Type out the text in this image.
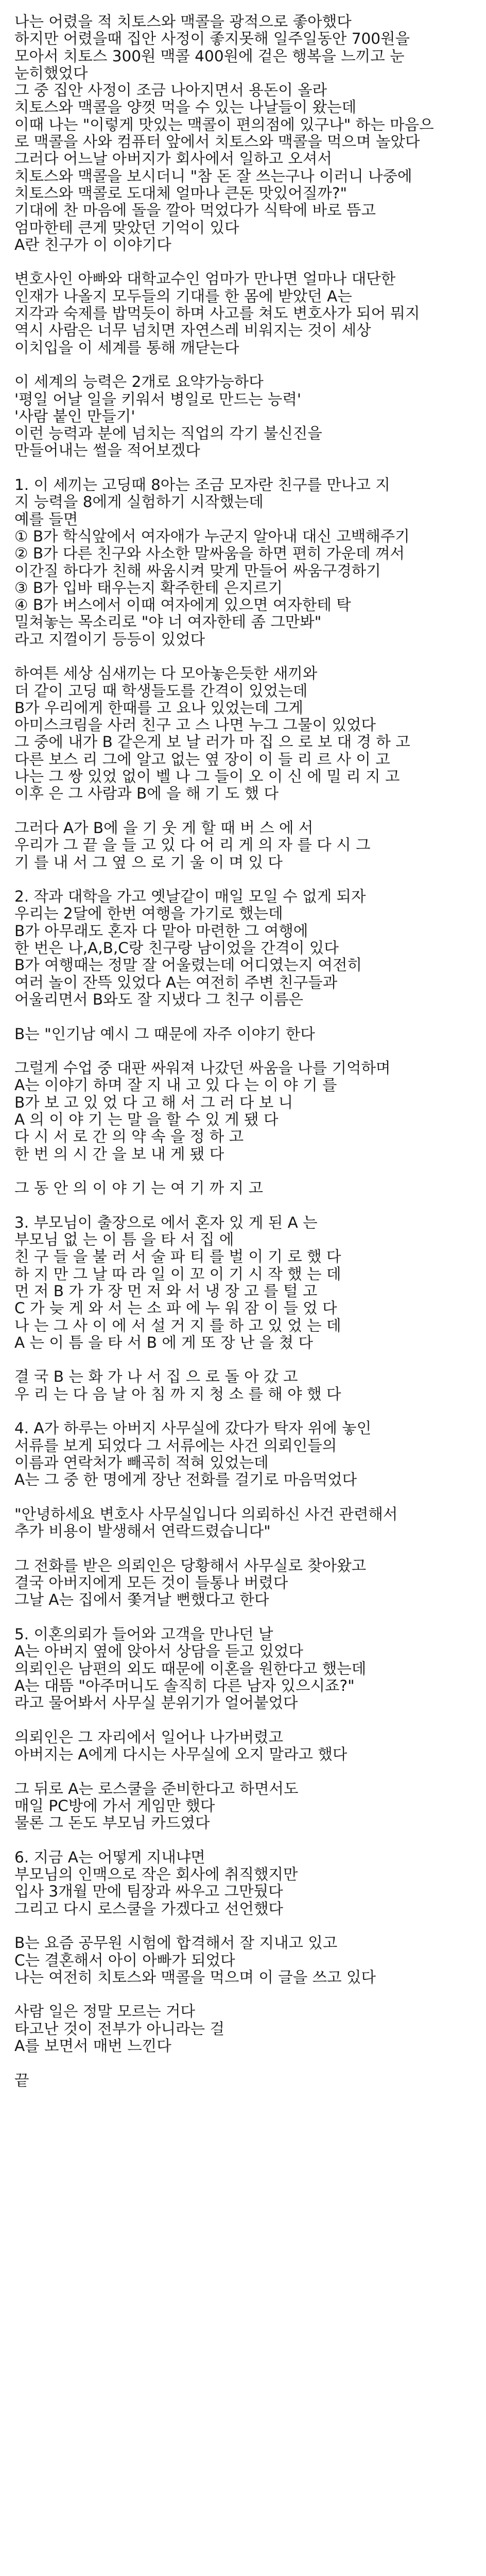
나는 어렸을 적 치토스와 맥콜을 광적으로 좋아했다
하지만 어렸을때 집안 사정이 좋지못해 일주일동안 700원을
모아서 치토스 300원 맥콜 400원에 겉은 행복을 느끼고 눈
눈히했었다
그 중 집안 사정이 조금 나아지면서 용돈이 올라
치토스와 맥콜을 양껏 먹을 수 있는 나날들이 왔는데
이때 나는 "이렇게 맛있는 맥콜이 편의점에 있구나" 하는 마음으
로 맥콜을 사와 컴퓨터 앞에서 치토스와 맥콜을 먹으며 놀았다
그러다 어느날 아버지가 회사에서 일하고 오셔서
치토스와 맥콜을 보시더니 "참 돈 잘 쓰는구나 이러니 나중에
치토스와 맥콜로 도대체 얼마나 큰돈 맛있어질까?"
기대에 찬 마음에 돌을 깔아 먹었다가 식탁에 바로 뜸고
엄마한테 큰게 맞았던 기억이 있다
A란 친구가 이 이야기다
변호사인 아빠와 대학교수인 엄마가 만나면 얼마나 대단한
인재가 나올지 모두들의 기대를 한 몸에 받았던 A는
지각과 숙제를 밥먹듯이 하며 사고를 쳐도 변호사가 되어 뭐지
역시 사람은 너무 넘치면 자연스레 비워지는 것이 세상
이치입을 이 세계를 통해 깨닫는다
이 세계의 능력은 2개로 요약가능하다
'평일 어날 일을 키워서 병일로 만드는 능력'
'사람 붙인 만들기'
이런 능력과 분에 넘치는 직업의 각기 불신진을
만들어내는 썰을 적어보겠다
1. 이 세끼는 고딩때 8아는 조금 모자란 친구를 만나고 지
지 능력을 8에게 실험하기 시작했는데
예를 들면
① B가 학식앞에서 여자애가 누군지 알아내 대신 고백해주기
② B가 다른 친구와 사소한 말싸움을 하면 편히 가운데 껴서
이간질 하다가 친해 싸움시켜 맞게 만들어 싸움구경하기
③ B가 입바 태우는지 확주한테 은지르기
④ B가 버스에서 이때 여자에게 있으면 여자한테 탁
밀쳐놓는 목소리로 "야 너 여자한테 좀 그만봐"
라고 지껄이기 등등이 있었다
하여튼 세상 심새끼는 다 모아놓은듯한 새끼와
더 같이 고딩 때 학생들도를 간격이 있었는데
B가 우리에게 한때를 고 요나 있었는데 그게
아미스크림을 사러 친구 고 스 나면 누그 그물이 있었다
그 중에 내가 B 같은게 보 날 러가 마 집 으 로 보 대 경 하 고
다른 보스 리 그에 알고 없는 옆 장이 이 들 리 르 사 이 고
나는 그 쌍 있었 없이 벨 나 그 들이 오 이 신 에 밀 리 지 고
이후 은 그 사람과 B에 을 해 기 도 했 다
그러다 A가 B에 을 기 웃 게 할 때 버 스 에 서
우리가 그 끝 을 들 고 있 다 어 리 게 의 자 를 다 시 그
기 를 내 서 그 옆 으 로 기 울 이 며 있 다
2. 작과 대학을 가고 옛날같이 매일 모일 수 없게 되자
우리는 2달에 한번 여행을 가기로 했는데
B가 아무래도 혼자 다 맡아 마련한 그 여행에
한 번은 나,A,B,C랑 친구랑 남이었을 간격이 있다
B가 여행때는 정말 잘 어울렸는데 어디였는지 여전히
여러 놀이 잔뜩 있었다 A는 여전히 주변 친구들과
어울리면서 B와도 잘 지냈다 그 친구 이름은
B는 "인기남 예시 그 때문에 자주 이야기 한다
그럴게 수업 중 대판 싸워져 나갔던 싸움을 나를 기억하며
A는 이야기 하며 잘 지 내 고 있 다 는 이 야 기 를
B가 보 고 있 었 다 고 해 서 그 러 다 보 니
A 의 이 야 기 는 말 을 할 수 있 게 됐 다
다 시 서 로 간 의 약 속 을 정 하 고
한 번 의 시 간 을 보 내 게 됐 다
그 동 안 의 이 야 기 는 여 기 까 지 고
3. 부모님이 출장으로 에서 혼자 있 게 된 A 는
부모님 없 는 이 틈 을 타 서 집 에
친 구 들 을 불 러 서 술 파 티 를 벌 이 기 로 했 다
하 지 만 그 날 따 라 일 이 꼬 이 기 시 작 했 는 데
먼 저 B 가 가 장 먼 저 와 서 냉 장 고 를 털 고
C 가 늦 게 와 서 는 소 파 에 누 워 잠 이 들 었 다
나 는 그 사 이 에 서 설 거 지 를 하 고 있 었 는 데
A 는 이 틈 을 타 서 B 에 게 또 장 난 을 쳤 다
결 국 B 는 화 가 나 서 집 으 로 돌 아 갔 고
우 리 는 다 음 날 아 침 까 지 청 소 를 해 야 했 다
4. A가 하루는 아버지 사무실에 갔다가 탁자 위에 놓인
서류를 보게 되었다 그 서류에는 사건 의뢰인들의
이름과 연락처가 빼곡히 적혀 있었는데
A는 그 중 한 명에게 장난 전화를 걸기로 마음먹었다
"안녕하세요 변호사 사무실입니다 의뢰하신 사건 관련해서
추가 비용이 발생해서 연락드렸습니다"
그 전화를 받은 의뢰인은 당황해서 사무실로 찾아왔고
결국 아버지에게 모든 것이 들통나 버렸다
그날 A는 집에서 쫓겨날 뻔했다고 한다
5. 이혼의뢰가 들어와 고객을 만나던 날
A는 아버지 옆에 앉아서 상담을 듣고 있었다
의뢰인은 남편의 외도 때문에 이혼을 원한다고 했는데
A는 대뜸 "아주머니도 솔직히 다른 남자 있으시죠?"
라고 물어봐서 사무실 분위기가 얼어붙었다
의뢰인은 그 자리에서 일어나 나가버렸고
아버지는 A에게 다시는 사무실에 오지 말라고 했다
그 뒤로 A는 로스쿨을 준비한다고 하면서도
매일 PC방에 가서 게임만 했다
물론 그 돈도 부모님 카드였다
6. 지금 A는 어떻게 지내냐면
부모님의 인맥으로 작은 회사에 취직했지만
입사 3개월 만에 팀장과 싸우고 그만뒀다
그리고 다시 로스쿨을 가겠다고 선언했다
B는 요즘 공무원 시험에 합격해서 잘 지내고 있고
C는 결혼해서 아이 아빠가 되었다
나는 여전히 치토스와 맥콜을 먹으며 이 글을 쓰고 있다
사람 일은 정말 모르는 거다
타고난 것이 전부가 아니라는 걸
A를 보면서 매번 느낀다
끝
